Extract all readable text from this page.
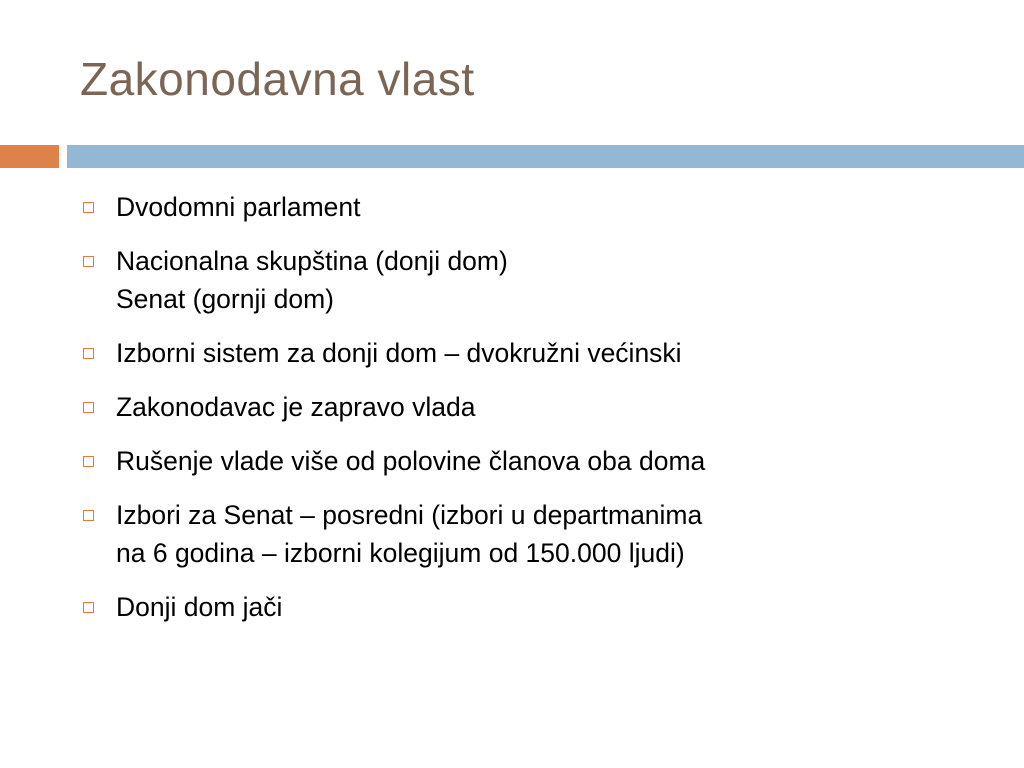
Zakonodavna vlast
Dvodomni parlament
Nacionalna skupština (donji dom)
Senat (gornji dom)
Izborni sistem za donji dom – dvokružni većinski
Zakonodavac je zapravo vlada
Rušenje vlade više od polovine članova oba doma
Izbori za Senat – posredni (izbori u departmanima
na 6 godina – izborni kolegijum od 150.000 ljudi)
Donji dom jači
